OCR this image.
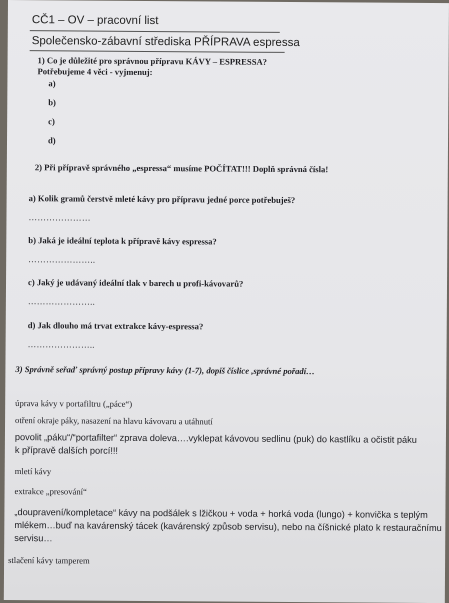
CČ1 – OV – pracovní list
Společensko-zábavní střediska PŘÍPRAVA espressa
1) Co je důležité pro správnou přípravu KÁVY – ESPRESSA?
Potřebujeme 4 věci - vyjmenuj:
a)
b)
c)
d)
2) Při přípravě správného „espressa“ musíme POČÍTAT!!! Doplň správná čísla!
a) Kolik gramů čerstvě mleté kávy pro přípravu jedné porce potřebuješ?
…………………
b) Jaká je ideální teplota k přípravě kávy espressa?
…………………..
c) Jaký je udávaný ideální tlak v barech u profi-kávovarů?
…………………..
d) Jak dlouho má trvat extrakce kávy-espressa?
…………………..
3) Správně seřaď správný postup přípravy kávy (1-7), dopiš číslice ,správné pořadí…
úprava kávy v portafiltru („páce“)
otření okraje páky, nasazení na hlavu kávovaru a utáhnutí
povolit „páku“/“portafilter“ zprava doleva….vyklepat kávovou sedlinu (puk) do kastlíku a očistit páku
k přípravě dalších porcí!!!
mletí kávy
extrakce „presování“
„doupravení/kompletace“ kávy na podšálek s lžičkou + voda + horká voda (lungo) + konvička s teplým
mlékem…buď na kavárenský tácek (kavárenský způsob servisu), nebo na číšnické plato k restauračnímu
servisu…
stlačení kávy tamperem
